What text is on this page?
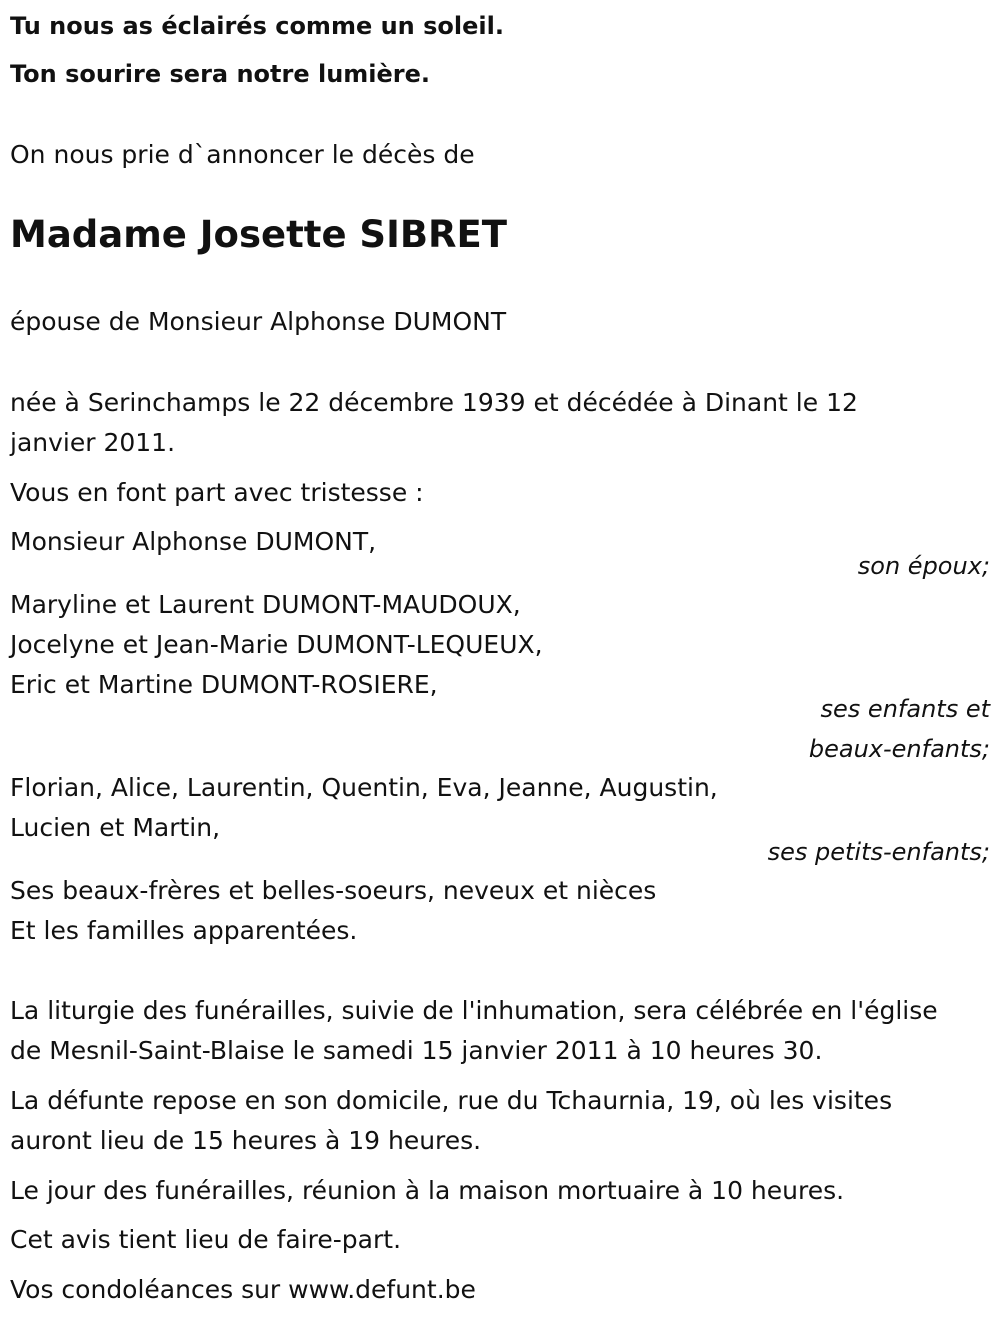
Tu nous as éclairés comme un soleil.

Ton sourire sera notre lumière.

On nous prie d`annoncer le décès de

Madame Josette SIBRET

épouse de Monsieur Alphonse DUMONT

née à Serinchamps le 22 décembre 1939 et décédée à Dinant le 12

janvier 2011.

Vous en font part avec tristesse :

Monsieur Alphonse DUMONT,

son époux;

Maryline et Laurent DUMONT-MAUDOUX,

Jocelyne et Jean-Marie DUMONT-LEQUEUX,

Eric et Martine DUMONT-ROSIERE,

ses enfants et

beaux-enfants;

Florian, Alice, Laurentin, Quentin, Eva, Jeanne, Augustin,

Lucien et Martin,

ses petits-enfants;

Ses beaux-frères et belles-soeurs, neveux et nièces

Et les familles apparentées.

La liturgie des funérailles, suivie de l'inhumation, sera célébrée en l'église

de Mesnil-Saint-Blaise le samedi 15 janvier 2011 à 10 heures 30.

La défunte repose en son domicile, rue du Tchaurnia, 19, où les visites

auront lieu de 15 heures à 19 heures.

Le jour des funérailles, réunion à la maison mortuaire à 10 heures.

Cet avis tient lieu de faire-part.

Vos condoléances sur www.defunt.be
